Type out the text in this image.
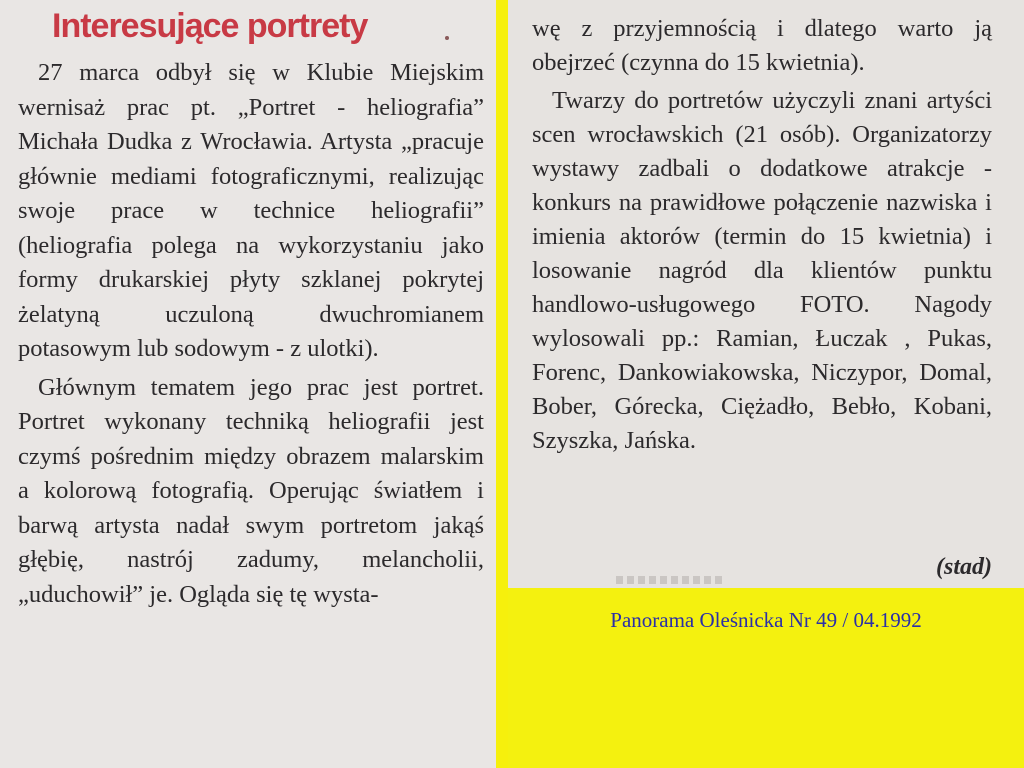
Interesujące portrety

27 marca odbył się w Klubie Miejskim wernisaż prac pt. „Portret - heliografia” Michała Dudka z Wrocławia. Artysta „pracuje głównie mediami fotograficznymi, realizując swoje prace w technice heliografii” (heliografia polega na wykorzystaniu jako formy drukarskiej płyty szklanej pokrytej żelatyną uczuloną dwuchromianem potasowym lub sodowym - z ulotki).

Głównym tematem jego prac jest portret. Portret wykonany techniką heliografii jest czymś pośrednim między obrazem malarskim a kolorową fotografią. Operując światłem i barwą artysta nadał swym portretom jakąś głębię, nastrój zadumy, melancholii, „uduchowił” je. Ogląda się tę wysta-

wę z przyjemnością i dlatego warto ją obejrzeć (czynna do 15 kwietnia).

Twarzy do portretów użyczyli znani artyści scen wrocławskich (21 osób). Organizatorzy wystawy zadbali o dodatkowe atrakcje - konkurs na prawidłowe połączenie nazwiska i imienia aktorów (termin do 15 kwietnia) i losowanie nagród dla klientów punktu handlowo-usługowego FOTO. Nagody wylosowali pp.: Ramian, Łuczak , Pukas, Forenc, Dankowiakowska, Niczypor, Domal, Bober, Górecka, Ciężadło, Bebło, Kobani, Szyszka, Jańska.

(stad)
Panorama Oleśnicka Nr 49 / 04.1992
